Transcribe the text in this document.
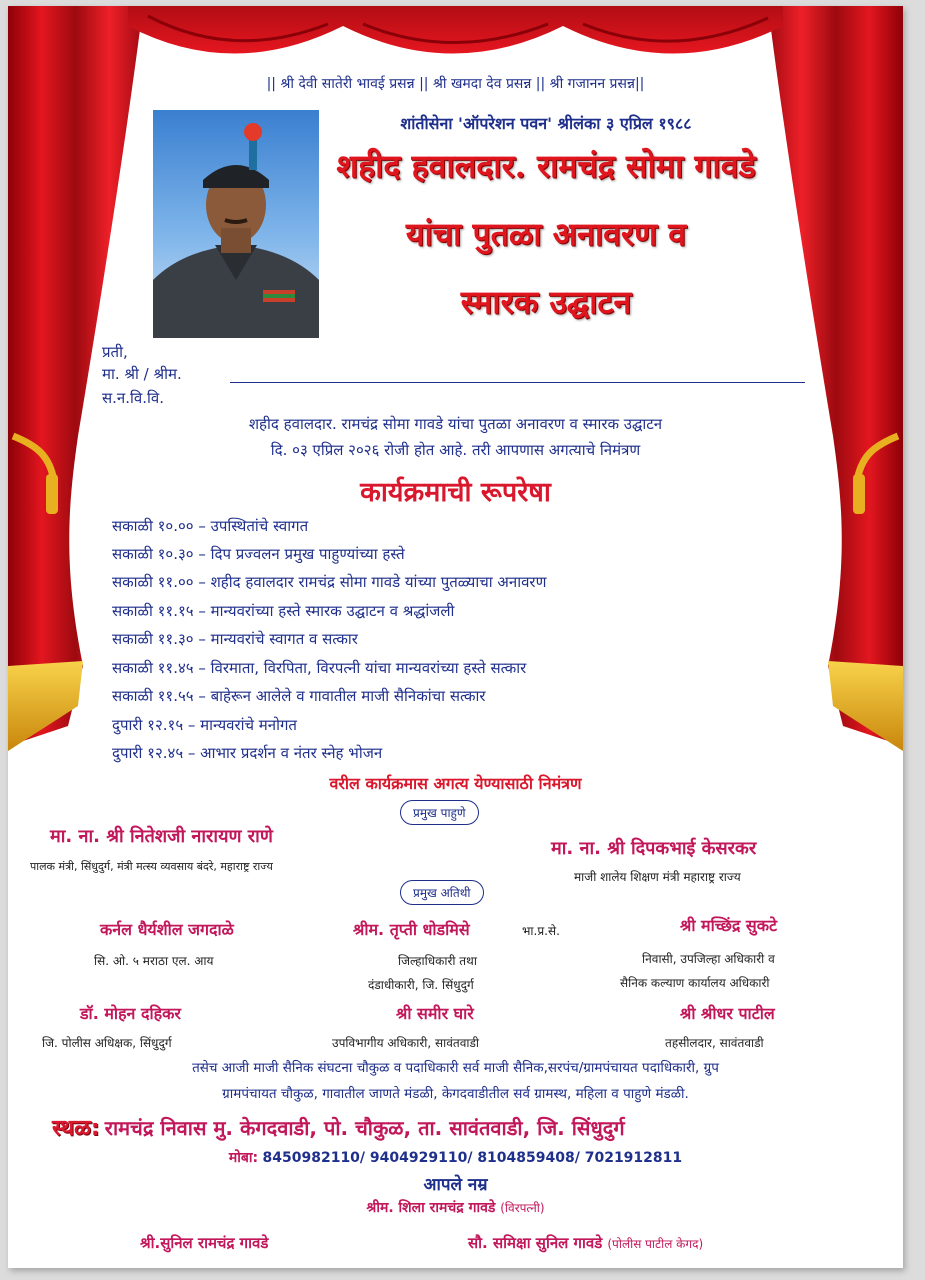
|| श्री देवी सातेरी भावई प्रसन्न || श्री खमदा देव प्रसन्न || श्री गजानन प्रसन्न||
शांतीसेना 'ऑपरेशन पवन' श्रीलंका ३ एप्रिल १९८८
शहीद हवालदार. रामचंद्र सोमा गावडे
यांचा पुतळा अनावरण व
स्मारक उद्घाटन
प्रती,
मा. श्री / श्रीम.
स.न.वि.वि.
शहीद हवालदार. रामचंद्र सोमा गावडे यांचा पुतळा अनावरण व स्मारक उद्घाटन
दि. ०३ एप्रिल २०२६ रोजी होत आहे. तरी आपणास अगत्याचे निमंत्रण
कार्यक्रमाची रूपरेषा
सकाळी १०.०० – उपस्थितांचे स्वागत
सकाळी १०.३० – दिप प्रज्वलन प्रमुख पाहुण्यांच्या हस्ते
सकाळी ११.०० – शहीद हवालदार रामचंद्र सोमा गावडे यांच्या पुतळ्याचा अनावरण
सकाळी ११.१५ – मान्यवरांच्या हस्ते स्मारक उद्घाटन व श्रद्धांजली
सकाळी ११.३० – मान्यवरांचे स्वागत व सत्कार
सकाळी ११.४५ – विरमाता, विरपिता, विरपत्नी यांचा मान्यवरांच्या हस्ते सत्कार
सकाळी ११.५५ – बाहेरून आलेले व गावातील माजी सैनिकांचा सत्कार
दुपारी १२.१५ – मान्यवरांचे मनोगत
दुपारी १२.४५ – आभार प्रदर्शन व नंतर स्नेह भोजन
वरील कार्यक्रमास अगत्य येण्यासाठी निमंत्रण
प्रमुख पाहुणे
मा. ना. श्री नितेशजी नारायण राणे
पालक मंत्री, सिंधुदुर्ग, मंत्री मत्स्य व्यवसाय बंदरे, महाराष्ट्र राज्य
मा. ना. श्री दिपकभाई केसरकर
माजी शालेय शिक्षण मंत्री महाराष्ट्र राज्य
प्रमुख अतिथी
कर्नल धैर्यशील जगदाळे
सि. ओ. ५ मराठा एल. आय
श्रीम. तृप्ती धोडमिसे	भा.प्र.से.
जिल्हाधिकारी तथा
दंडाधीकारी, जि. सिंधुदुर्ग
श्री मच्छिंद्र सुकटे
निवासी, उपजिल्हा अधिकारी व
सैनिक कल्याण कार्यालय अधिकारी
डॉ. मोहन दहिकर
जि. पोलीस अधिक्षक, सिंधुदुर्ग
श्री समीर घारे
उपविभागीय अधिकारी, सावंतवाडी
श्री श्रीधर पाटील
तहसीलदार, सावंतवाडी
तसेच आजी माजी सैनिक संघटना चौकुळ व पदाधिकारी सर्व माजी सैनिक,सरपंच/ग्रामपंचायत पदाधिकारी, ग्रुप
ग्रामपंचायत चौकुळ, गावातील जाणते मंडळी, केगदवाडीतील सर्व ग्रामस्थ, महिला व पाहुणे मंडळी.
स्थळ: रामचंद्र निवास मु. केगदवाडी, पो. चौकुळ, ता. सावंतवाडी, जि. सिंधुदुर्ग
मोबा: 8450982110/ 9404929110/ 8104859408/ 7021912811
आपले नम्र
श्रीम. शिला रामचंद्र गावडे (विरपत्नी)
श्री.सुनिल रामचंद्र गावडे	सौ. समिक्षा सुनिल गावडे (पोलीस पाटील केगद)
